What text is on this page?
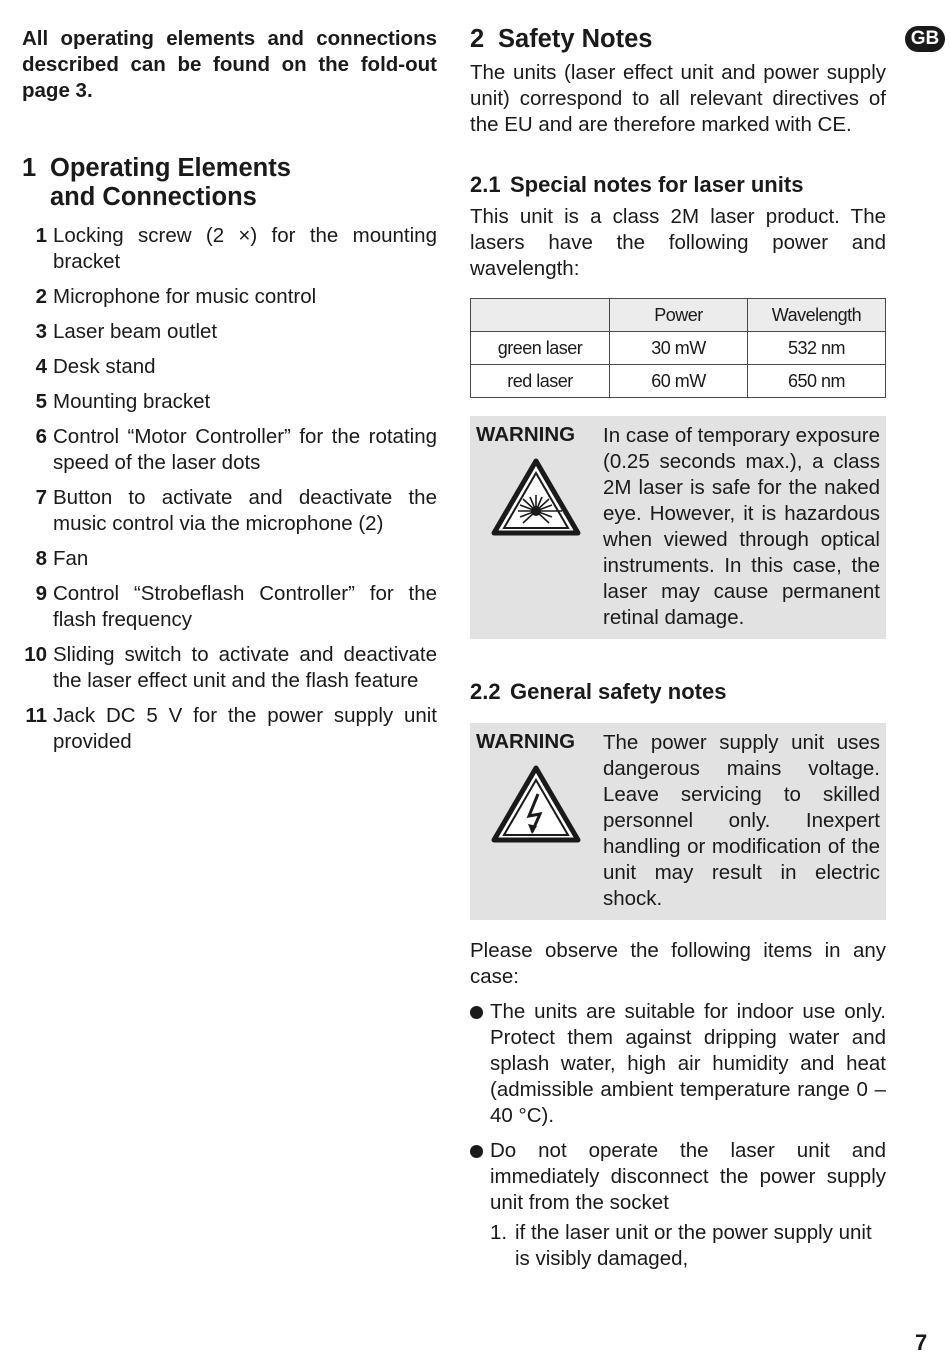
All operating elements and connections described can be found on the fold-out page 3.

1 Operating Elements
and Connections
1 Locking screw (2 ×) for the mounting bracket
2 Microphone for music control
3 Laser beam outlet
4 Desk stand
5 Mounting bracket
6 Control “Motor Controller” for the rotating speed of the laser dots
7 Button to activate and deactivate the music control via the microphone (2)
8 Fan
9 Control “Strobeflash Controller” for the flash frequency
10 Sliding switch to activate and deactivate the laser effect unit and the flash feature
11 Jack DC 5 V for the power supply unit provided
2 Safety Notes

The units (laser effect unit and power supply unit) correspond to all relevant directives of the EU and are therefore marked with CE.

2.1 Special notes for laser units

This unit is a class 2M laser product. The lasers have the following power and wavelength:

	Power	Wavelength
green laser	30 mW	532 nm
red laser	60 mW	650 nm
WARNING	In case of temporary exposure (0.25 seconds max.), a class 2M laser is safe for the naked eye. However, it is hazardous when viewed through optical instruments. In this case, the laser may cause permanent retinal damage.
2.2 General safety notes
WARNING	The power supply unit uses dangerous mains voltage. Leave servicing to skilled personnel only. Inexpert handling or modification of the unit may result in electric shock.

Please observe the following items in any case:

The units are suitable for indoor use only. Protect them against dripping water and splash water, high air humidity and heat (admissible ambient temperature range 0 – 40 °C).
Do not operate the laser unit and immediately disconnect the power supply unit from the socket
1. if the laser unit or the power supply unit is visibly damaged,
GB
7
